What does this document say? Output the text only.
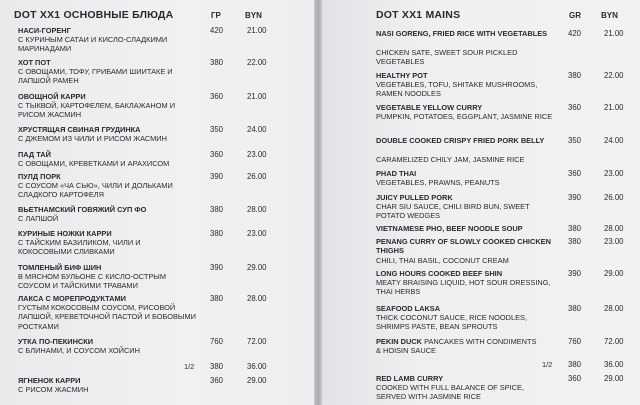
DOT XX1 ОСНОВНЫЕ БЛЮДА	ГР	BYN
НАСИ-ГОРЕНГ
С КУРИНЫМ САТАИ И КИСЛО-СЛАДКИМИ МАРИНАДАМИ
420	21.00
ХОТ ПОТ
С ОВОЩАМИ, ТОФУ, ГРИБАМИ ШИИТАКЕ И ЛАПШОЙ РАМЕН
380	22.00
ОВОЩНОЙ КАРРИ
С ТЫКВОЙ, КАРТОФЕЛЕМ, БАКЛАЖАНОМ И РИСОМ ЖАСМИН
360	21.00
ХРУСТЯЩАЯ СВИНАЯ ГРУДИНКА
С ДЖЕМОМ ИЗ ЧИЛИ И РИСОМ ЖАСМИН
350	24.00
ПАД ТАЙ
С ОВОЩАМИ, КРЕВЕТКАМИ И АРАХИСОМ
360	23.00
ПУЛД ПОРК
С СОУСОМ «ЧА СЬЮ», ЧИЛИ И ДОЛЬКАМИ СЛАДКОГО КАРТОФЕЛЯ
390	26.00
ВЬЕТНАМСКИЙ ГОВЯЖИЙ СУП ФО
С ЛАПШОЙ
380	28.00
КУРИНЫЕ НОЖКИ КАРРИ
С ТАЙСКИМ БАЗИЛИКОМ, ЧИЛИ И КОКОСОВЫМИ СЛИВКАМИ
380	23.00
ТОМЛЕНЫЙ БИФ ШИН
В МЯСНОМ БУЛЬОНЕ С КИСЛО-ОСТРЫМ СОУСОМ И ТАЙСКИМИ ТРАВАМИ
390	29.00
ЛАКСА С МОРЕПРОДУКТАМИ
ГУСТЫМ КОКОСОВЫМ СОУСОМ, РИСОВОЙ ЛАПШОЙ, КРЕВЕТОЧНОЙ ПАСТОЙ И БОБОВЫМИ РОСТКАМИ
380	28.00
УТКА ПО-ПЕКИНСКИ
С БЛИНАМИ, И СОУСОМ ХОЙСИН
760	72.00
1/2 380	36.00
ЯГНЕНОК КАРРИ
С РИСОМ ЖАСМИН
360	29.00
DOT XX1 MAINS	GR	BYN
NASI GORENG, FRIED RICE WITH VEGETABLES
CHICKEN SATE, SWEET SOUR PICKLED VEGETABLES
420	21.00
HEALTHY POT
VEGETABLES, TOFU, SHITAKE MUSHROOMS, RAMEN NOODLES
380	22.00
VEGETABLE YELLOW CURRY
PUMPKIN, POTATOES, EGGPLANT, JASMINE RICE
360	21.00
DOUBLE COOKED CRISPY FRIED PORK BELLY
CARAMELIZED CHILY JAM, JASMINE RICE
350	24.00
PHAD THAI
VEGETABLES, PRAWNS, PEANUTS
360	23.00
JUICY PULLED PORK
CHAR SIU SAUCE, CHILI BIRD BUN, SWEET POTATO WEDGES
390	26.00
VIETNAMESE PHO, BEEF NOODLE SOUP	380	28.00
PENANG CURRY OF SLOWLY COOKED CHICKEN THIGHS
CHILI, THAI BASIL, COCONUT CREAM
380	23.00
LONG HOURS COOKED BEEF SHIN
MEATY BRAISING LIQUID, HOT SOUR DRESSING, THAI HERBS
390	29.00
SEAFOOD LAKSA
THICK COCONUT SAUCE, RICE NOODLES, SHRIMPS PASTE, BEAN SPROUTS
380	28.00
PEKIN DUCK PANCAKES WITH CONDIMENTS
& HOISIN SAUCE
760	72.00
1/2 380	36.00
RED LAMB CURRY
COOKED WITH FULL BALANCE OF SPICE, SERVED WITH JASMINE RICE
360	29.00
